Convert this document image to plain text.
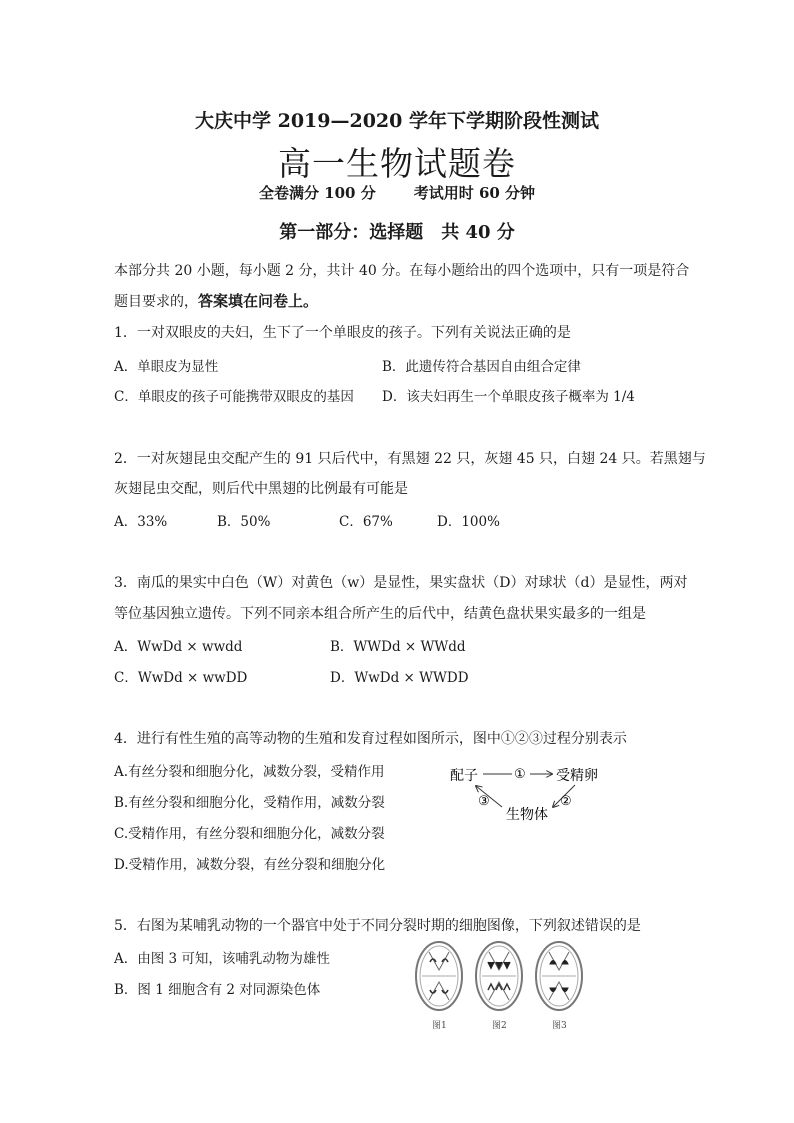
大庆中学 2019—2020 学年下学期阶段性测试
高一生物试题卷
全卷满分 100 分	考试用时 60 分钟
第一部分：选择题　共 40 分
本部分共 20 小题，每小题 2 分，共计 40 分。在每小题给出的四个选项中，只有一项是符合
题目要求的，答案填在问卷上。
1．一对双眼皮的夫妇，生下了一个单眼皮的孩子。下列有关说法正确的是
A．单眼皮为显性	B．此遗传符合基因自由组合定律
C．单眼皮的孩子可能携带双眼皮的基因 D．该夫妇再生一个单眼皮孩子概率为 1/4
2．一对灰翅昆虫交配产生的 91 只后代中，有黑翅 22 只，灰翅 45 只，白翅 24 只。若黑翅与
灰翅昆虫交配，则后代中黑翅的比例最有可能是
A．33%	B．50%	C．67%	D．100%
3．南瓜的果实中白色（W）对黄色（w）是显性，果实盘状（D）对球状（d）是显性，两对
等位基因独立遗传。下列不同亲本组合所产生的后代中，结黄色盘状果实最多的一组是
A．WwDd × wwdd	B．WWDd × WWdd
C．WwDd × wwDD	D．WwDd × WWDD
4．进行有性生殖的高等动物的生殖和发育过程如图所示，图中①②③过程分别表示
A.有丝分裂和细胞分化，减数分裂，受精作用
B.有丝分裂和细胞分化，受精作用，减数分裂
C.受精作用，有丝分裂和细胞分化，减数分裂
D.受精作用，减数分裂，有丝分裂和细胞分化
配子	受精卵
生物体
①
②
③
5．右图为某哺乳动物的一个器官中处于不同分裂时期的细胞图像，下列叙述错误的是
A．由图 3 可知，该哺乳动物为雄性
B．图 1 细胞含有 2 对同源染色体
图1	图2	图3
